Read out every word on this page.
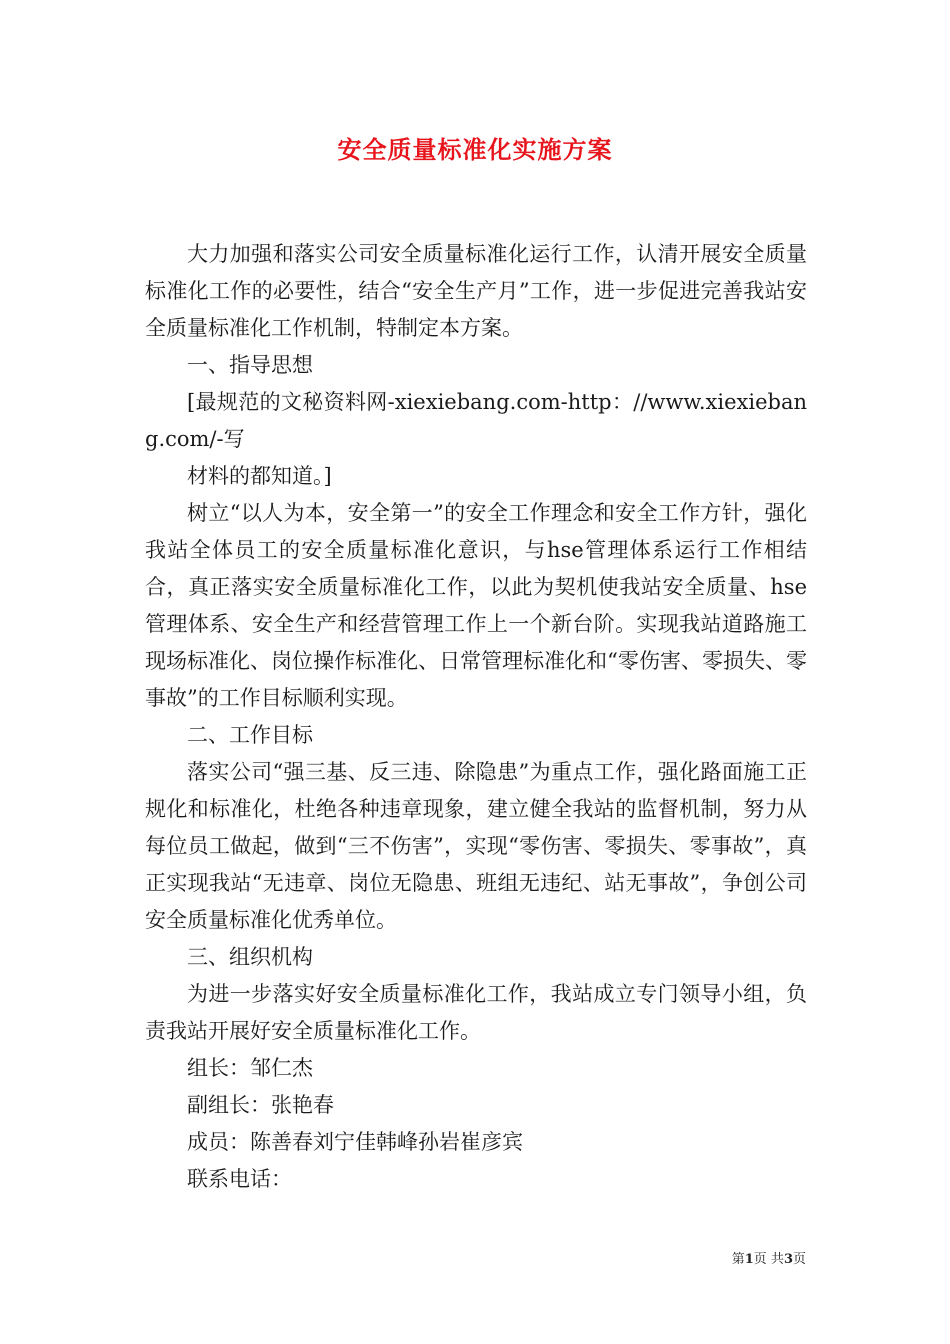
安全质量标准化实施方案

大力加强和落实公司安全质量标准化运行工作，认清开展安全质量标准化工作的必要性，结合“安全生产月”工作，进一步促进完善我站安全质量标准化工作机制，特制定本方案。

一、指导思想

[最规范的文秘资料网-xiexiebang.com-http：//www.xiexiebang.com/-写

材料的都知道。]

树立“以人为本，安全第一”的安全工作理念和安全工作方针，强化我站全体员工的安全质量标准化意识，与hse管理体系运行工作相结合，真正落实安全质量标准化工作，以此为契机使我站安全质量、hse管理体系、安全生产和经营管理工作上一个新台阶。实现我站道路施工现场标准化、岗位操作标准化、日常管理标准化和“零伤害、零损失、零事故”的工作目标顺利实现。

二、工作目标

落实公司“强三基、反三违、除隐患”为重点工作，强化路面施工正规化和标准化，杜绝各种违章现象，建立健全我站的监督机制，努力从每位员工做起，做到“三不伤害”，实现“零伤害、零损失、零事故”，真正实现我站“无违章、岗位无隐患、班组无违纪、站无事故”，争创公司安全质量标准化优秀单位。

三、组织机构

为进一步落实好安全质量标准化工作，我站成立专门领导小组，负责我站开展好安全质量标准化工作。

组长：邹仁杰

副组长：张艳春

成员：陈善春刘宁佳韩峰孙岩崔彦宾

联系电话：

第1页 共3页
